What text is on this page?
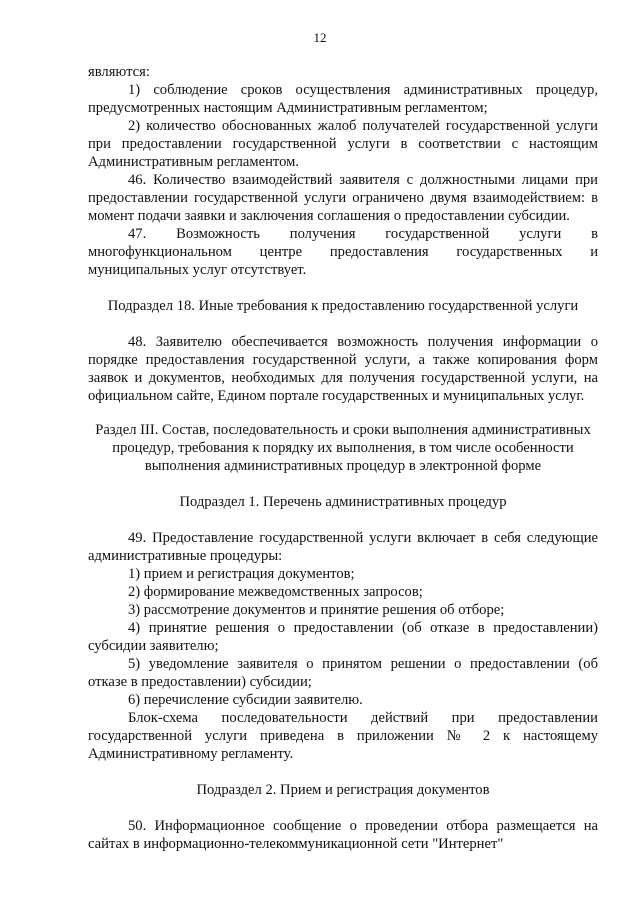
12

являются:

1) соблюдение сроков осуществления административных процедур, предусмотренных настоящим Административным регламентом;

2) количество обоснованных жалоб получателей государственной услуги при предоставлении государственной услуги в соответствии с настоящим Административным регламентом.

46. Количество взаимодействий заявителя с должностными лицами при предоставлении государственной услуги ограничено двумя взаимодействием: в момент подачи заявки и заключения соглашения о предоставлении субсидии.

47. Возможность получения государственной услуги в многофункциональном центре предоставления государственных и муниципальных услуг отсутствует.

Подраздел 18. Иные требования к предоставлению государственной услуги

48. Заявителю обеспечивается возможность получения информации о порядке предоставления государственной услуги, а также копирования форм заявок и документов, необходимых для получения государственной услуги, на официальном сайте, Едином портале государственных и муниципальных услуг.

Раздел III. Состав, последовательность и сроки выполнения административных процедур, требования к порядку их выполнения, в том числе особенности выполнения административных процедур в электронной форме

Подраздел 1. Перечень административных процедур

49. Предоставление государственной услуги включает в себя следующие административные процедуры:

1) прием и регистрация документов;

2) формирование межведомственных запросов;

3) рассмотрение документов и принятие решения об отборе;

4) принятие решения о предоставлении (об отказе в предоставлении) субсидии заявителю;

5) уведомление заявителя о принятом решении о предоставлении (об отказе в предоставлении) субсидии;

6) перечисление субсидии заявителю.

Блок-схема последовательности действий при предоставлении государственной услуги приведена в приложении № 2 к настоящему Административному регламенту.

Подраздел 2. Прием и регистрация документов

50. Информационное сообщение о проведении отбора размещается на сайтах в информационно-телекоммуникационной сети "Интернет"
